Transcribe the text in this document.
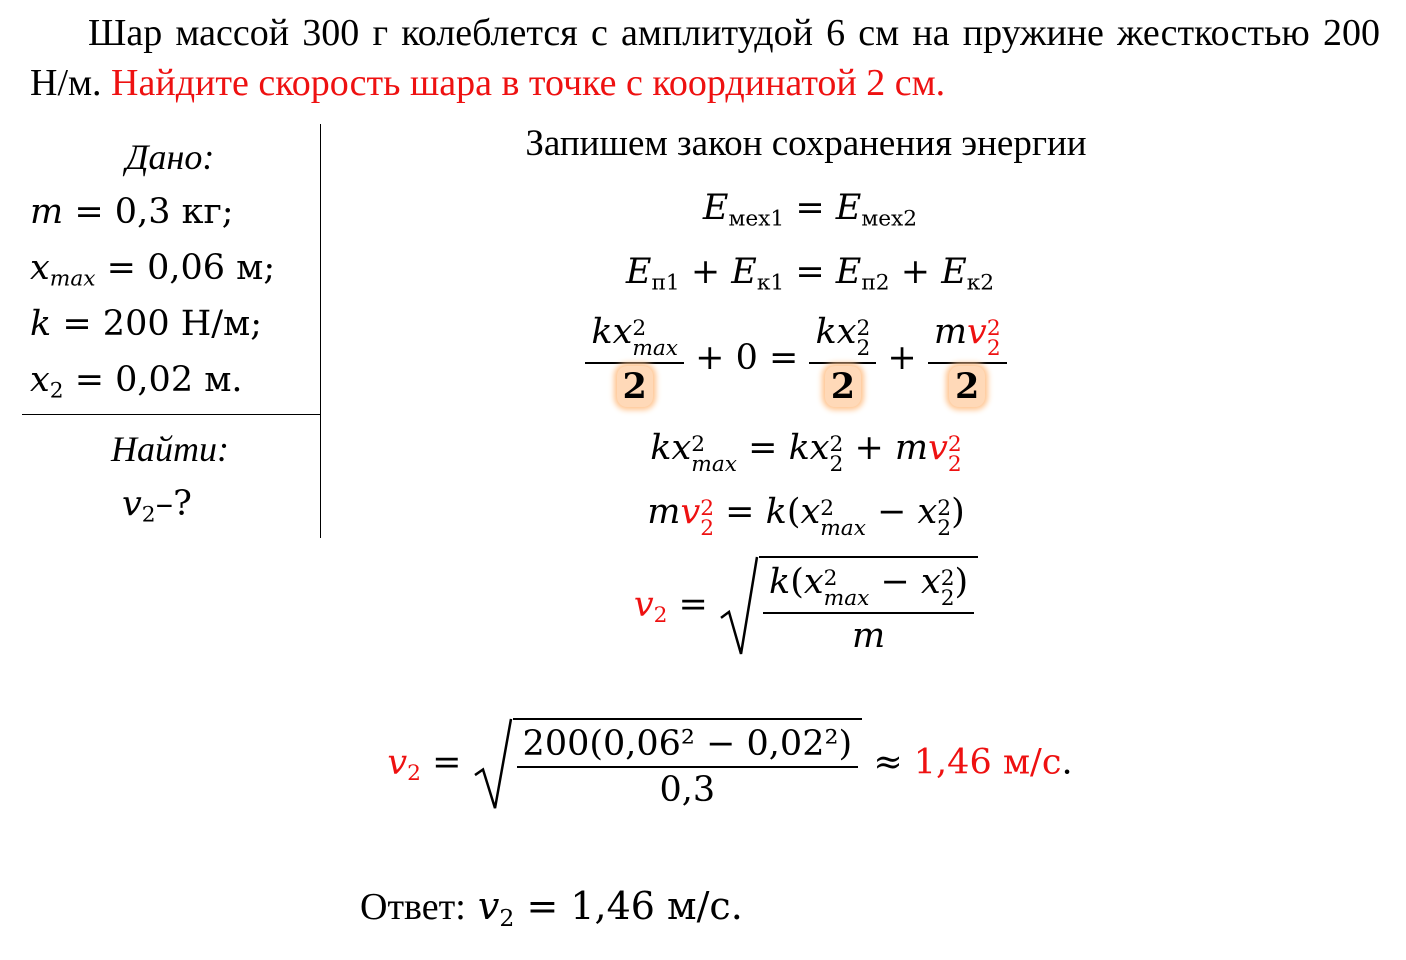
Шар массой 300 г колеблется с амплитудой 6 см на пружине жесткостью 200 Н/м. Найдите скорость шара в точке с координатой 2 см.
Дано:
m = 0,3 кг;
$x_{max} = 0,06$ м;
k = 200 Н/м;
$x_2 = 0,02$ м.
Найти:
$v_2-$?
Запишем закон сохранения энергии
$E_{мех1} = E_{мех2}$
$E_{п1} + E_{к1} = E_{п2} + E_{к2}$
kx 2
max
2 + 0 = kx 2
2
2 + mv 2
2
2
kx 2
max = kx 2
2 + mv 2
2
mv 2
2 = k(x 2
max − x 2
2 )
$v_2 = k(x$ 2
max − x 2
2 )
m
$v_2 = \frac{\text{200(0,06² − 0,02²)}}{0,3} \approx 1,46$ м/с.
Ответ: $v_2 = 1,46$ м/с.
